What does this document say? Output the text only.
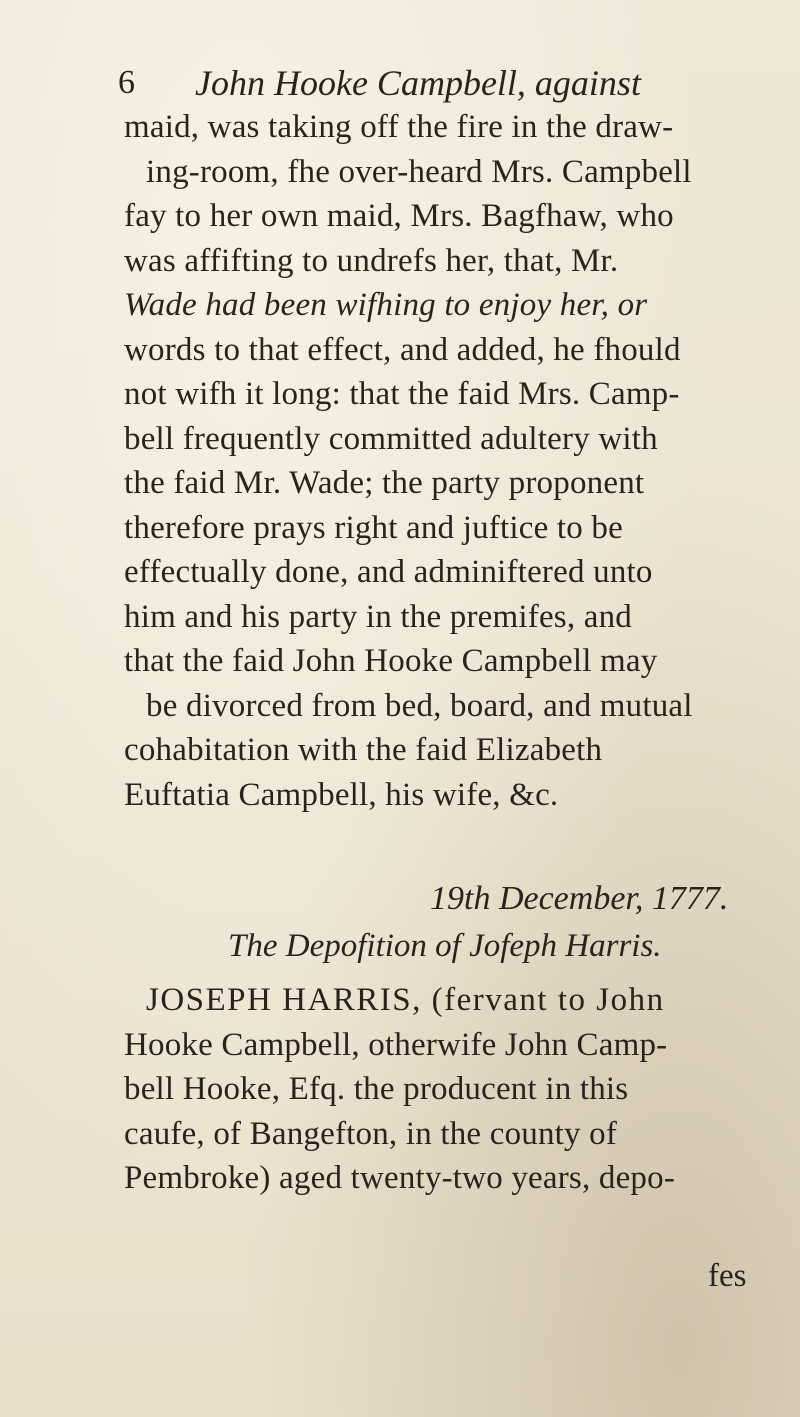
6 John Hooke Campbell, against
maid, was taking off the fire in the draw-
ing-room, fhe over-heard Mrs. Campbell
fay to her own maid, Mrs. Bagfhaw, who
was affifting to undrefs her, that, Mr.
Wade had been wifhing to enjoy her, or
words to that effect, and added, he fhould
not wifh it long: that the faid Mrs. Camp-
bell frequently committed adultery with
the faid Mr. Wade; the party proponent
therefore prays right and juftice to be
effectually done, and adminiftered unto
him and his party in the premifes, and
that the faid John Hooke Campbell may
be divorced from bed, board, and mutual
cohabitation with the faid Elizabeth
Euftatia Campbell, his wife, &c.
19th December, 1777.
The Depofition of Jofeph Harris.
JOSEPH HARRIS, (fervant to John
Hooke Campbell, otherwife John Camp-
bell Hooke, Efq. the producent in this
caufe, of Bangefton, in the county of
Pembroke) aged twenty-two years, depo-
fes
